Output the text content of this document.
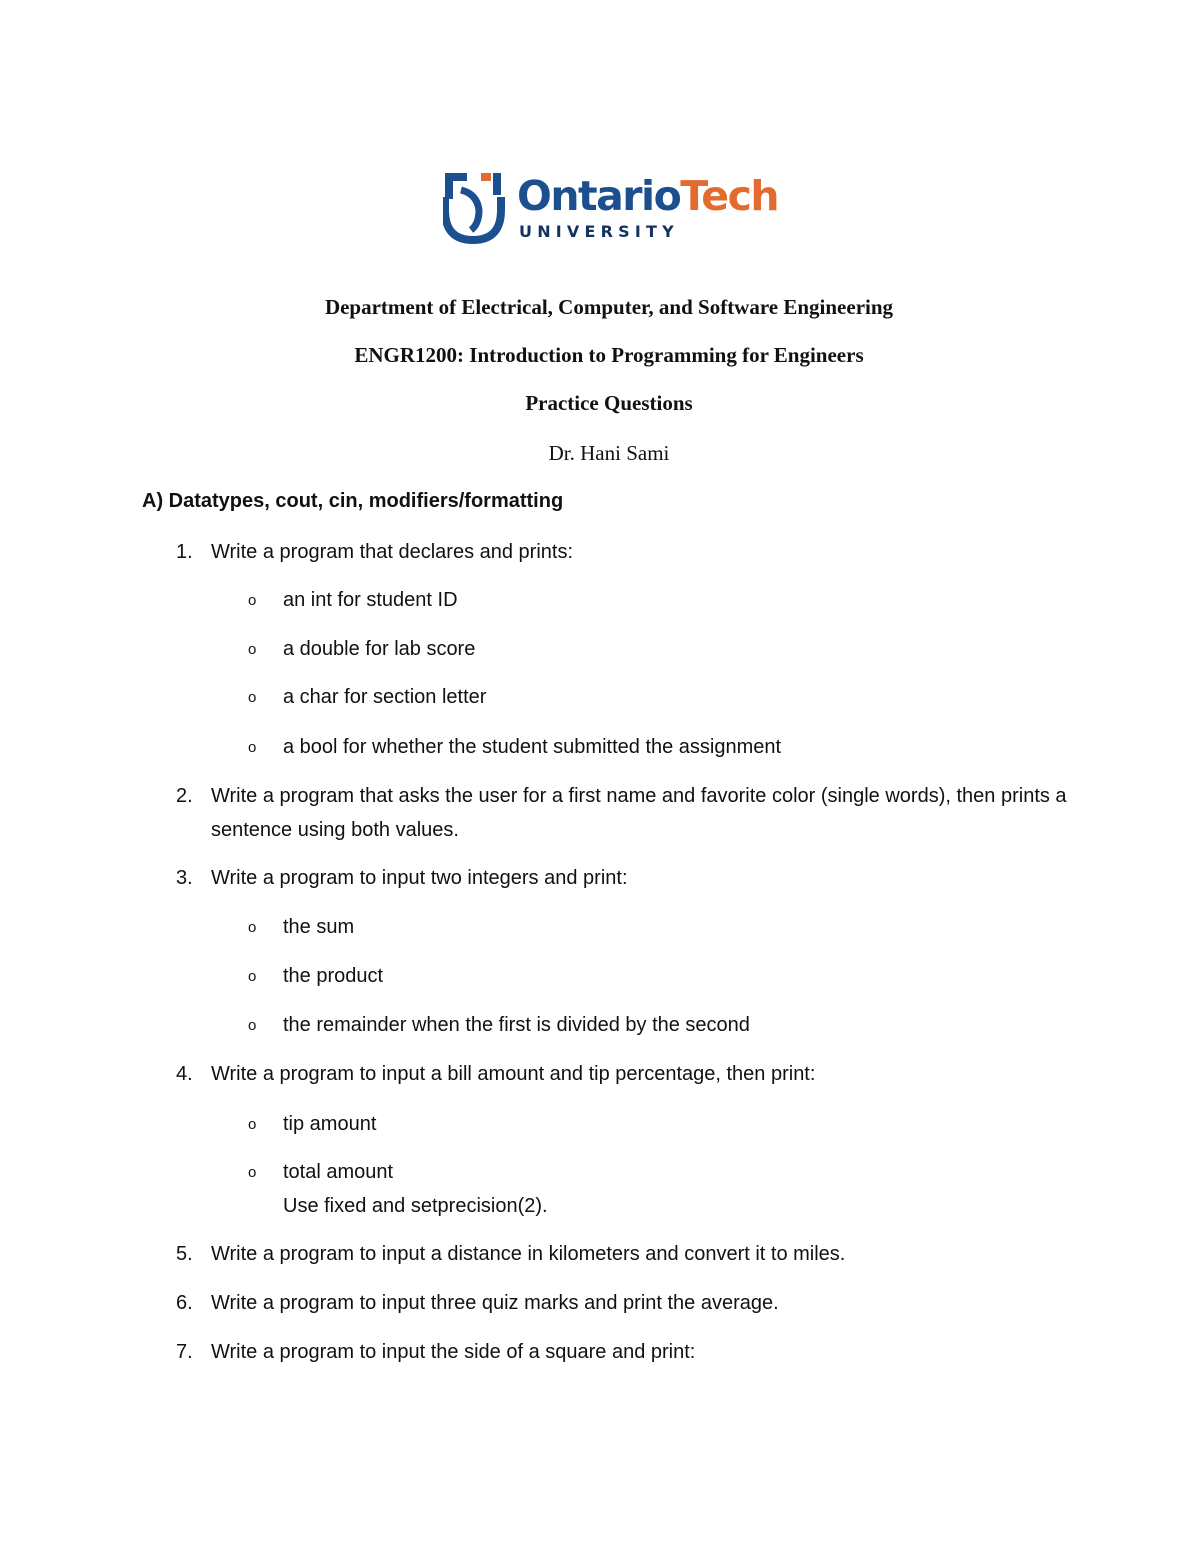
OntarioTech
UNIVERSITY
Department of Electrical, Computer, and Software Engineering
ENGR1200: Introduction to Programming for Engineers
Practice Questions
Dr. Hani Sami
A) Datatypes, cout, cin, modifiers/formatting
1. Write a program that declares and prints:
o an int for student ID
o a double for lab score
o a char for section letter
o a bool for whether the student submitted the assignment
2. Write a program that asks the user for a first name and favorite color (single words), then prints a sentence using both values.
3. Write a program to input two integers and print:
o the sum
o the product
o the remainder when the first is divided by the second
4. Write a program to input a bill amount and tip percentage, then print:
o tip amount
o total amount
Use fixed and setprecision(2).
5. Write a program to input a distance in kilometers and convert it to miles.
6. Write a program to input three quiz marks and print the average.
7. Write a program to input the side of a square and print:
